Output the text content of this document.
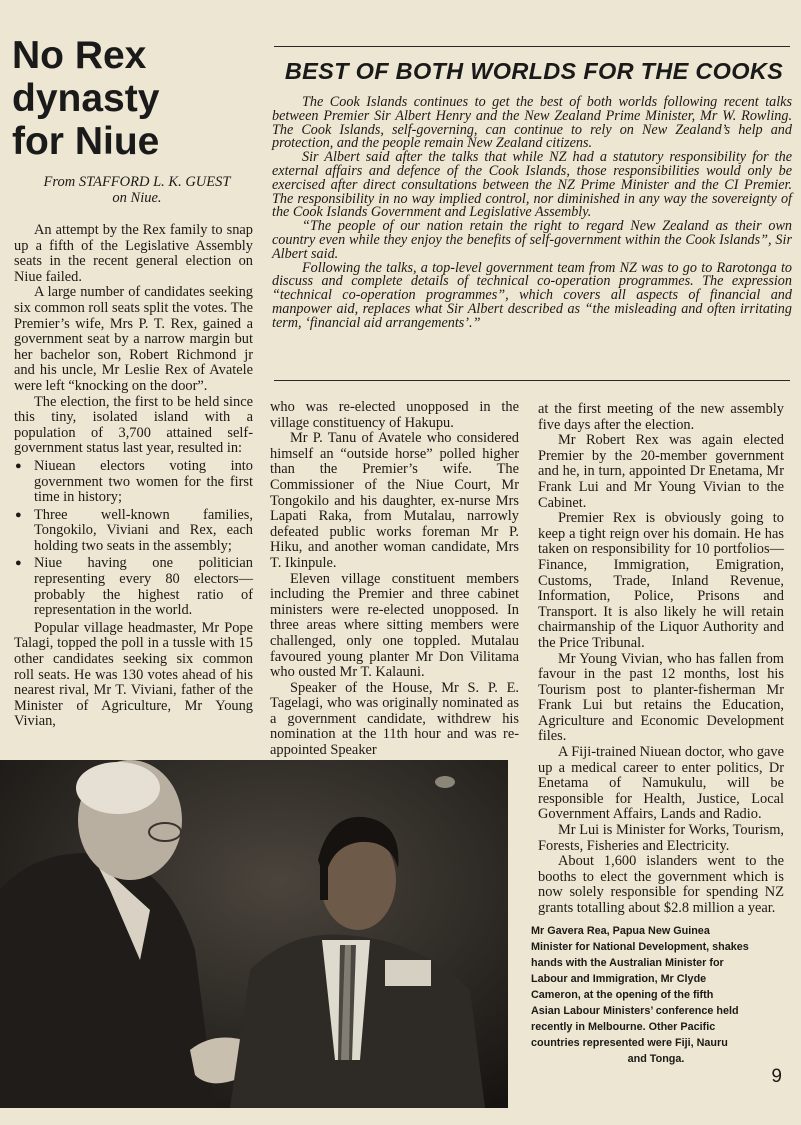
No Rex
dynasty
for Niue
From STAFFORD L. K. GUEST
on Niue.

An attempt by the Rex family to snap up a fifth of the Legislative Assembly seats in the recent general election on Niue failed.

A large number of candidates seeking six common roll seats split the votes. The Premier’s wife, Mrs P. T. Rex, gained a government seat by a narrow margin but her bachelor son, Robert Richmond jr and his uncle, Mr Leslie Rex of Avatele were left “knocking on the door”.

The election, the first to be held since this tiny, isolated island with a population of 3,700 attained self-government status last year, resulted in:

● Niuean electors voting into government two women for the first time in history;
● Three well-known families, Tongokilo, Viviani and Rex, each holding two seats in the assembly;
● Niue having one politician representing every 80 electors—probably the highest ratio of representation in the world.

Popular village headmaster, Mr Pope Talagi, topped the poll in a tussle with 15 other candidates seeking six common roll seats. He was 130 votes ahead of his nearest rival, Mr T. Viviani, father of the Minister of Agriculture, Mr Young Vivian,

BEST OF BOTH WORLDS FOR THE COOKS

The Cook Islands continues to get the best of both worlds following recent talks between Premier Sir Albert Henry and the New Zealand Prime Minister, Mr W. Rowling. The Cook Islands, self-governing, can continue to rely on New Zealand’s help and protection, and the people remain New Zealand citizens.

Sir Albert said after the talks that while NZ had a statutory responsibility for the external affairs and defence of the Cook Islands, those responsibilities would only be exercised after direct consultations between the NZ Prime Minister and the CI Premier. The responsibility in no way implied control, nor diminished in any way the sovereignty of the Cook Islands Government and Legislative Assembly.

“The people of our nation retain the right to regard New Zealand as their own country even while they enjoy the benefits of self-government within the Cook Islands”, Sir Albert said.

Following the talks, a top-level government team from NZ was to go to Rarotonga to discuss and complete details of technical co-operation programmes. The expression “technical co-operation programmes”, which covers all aspects of financial and manpower aid, replaces what Sir Albert described as “the misleading and often irritating term, ‘financial aid arrangements’.”

who was re-elected unopposed in the village constituency of Hakupu.

Mr P. Tanu of Avatele who considered himself an “outside horse” polled higher than the Premier’s wife. The Commissioner of the Niue Court, Mr Tongokilo and his daughter, ex-nurse Mrs Lapati Raka, from Mutalau, narrowly defeated public works foreman Mr P. Hiku, and another woman candidate, Mrs T. Ikinpule.

Eleven village constituent members including the Premier and three cabinet ministers were re-elected unopposed. In three areas where sitting members were challenged, only one toppled. Mutalau favoured young planter Mr Don Vilitama who ousted Mr T. Kalauni.

Speaker of the House, Mr S. P. E. Tagelagi, who was originally nominated as a government candidate, withdrew his nomination at the 11th hour and was re-appointed Speaker

at the first meeting of the new assembly five days after the election.

Mr Robert Rex was again elected Premier by the 20-member government and he, in turn, appointed Dr Enetama, Mr Frank Lui and Mr Young Vivian to the Cabinet.

Premier Rex is obviously going to keep a tight reign over his domain. He has taken on responsibility for 10 portfolios—Finance, Immigration, Emigration, Customs, Trade, Inland Revenue, Information, Police, Prisons and Transport. It is also likely he will retain chairmanship of the Liquor Authority and the Price Tribunal.

Mr Young Vivian, who has fallen from favour in the past 12 months, lost his Tourism post to planter-fisherman Mr Frank Lui but retains the Education, Agriculture and Economic Development files.

A Fiji-trained Niuean doctor, who gave up a medical career to enter politics, Dr Enetama of Namukulu, will be responsible for Health, Justice, Local Government Affairs, Lands and Radio.

Mr Lui is Minister for Works, Tourism, Forests, Fisheries and Electricity.

About 1,600 islanders went to the booths to elect the government which is now solely responsible for spending NZ grants totalling about $2.8 million a year.

Mr Gavera Rea, Papua New Guinea
Minister for National Development, shakes
hands with the Australian Minister for
Labour and Immigration, Mr Clyde
Cameron, at the opening of the fifth
Asian Labour Ministers’ conference held
recently in Melbourne. Other Pacific
countries represented were Fiji, Nauru
and Tonga.
9
